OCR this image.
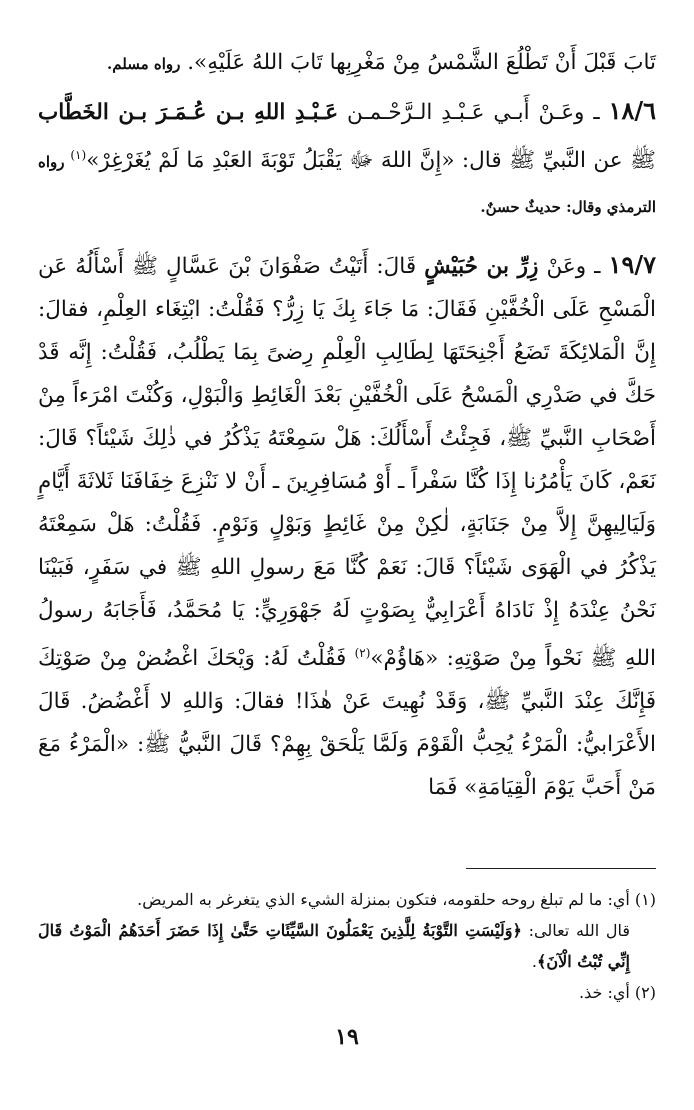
تَابَ قَبْلَ أَنْ تَطْلُعَ الشَّمْسُ مِنْ مَغْرِبِها تَابَ اللهُ عَلَيْهِ». رواه مسلم.

١٨/٦ ـ وعَـنْ أَبـي عَـبْـدِ الـرَّحْـمـن عَـبْـدِ اللهِ بـن عُـمَـرَ بـن الخَطَّاب ﷺ عن النَّبيِّ ﷺ قال: «إِنَّ اللهَ ﷻ يَقْبَلُ تَوْبَةَ العَبْدِ مَا لَمْ يُغَرْغِرْ»$^{(١)}$ رواه الترمذي وقال: حديثٌ حسنٌ.

١٩/٧ ـ وعَنْ زِرِّ بن حُبَيْشٍ قَالَ: أَتَيْتُ صَفْوَانَ بْنَ عَسَّالٍ ﷺ أَسْأَلُهُ عَن الْمَسْحِ عَلَى الْخُفَّيْنِ فَقَالَ: مَا جَاءَ بِكَ يَا زِرُّ؟ فَقُلْتُ: ابْتِغَاء العِلْمِ، فقالَ: إِنَّ الْمَلائِكَةَ تَضَعُ أَجْنِحَتَهَا لِطَالِبِ الْعِلْمِ رِضىً بِمَا يَطْلُبُ، فَقُلْتُ: إِنَّه قَدْ حَكَّ في صَدْرِي الْمَسْحُ عَلَى الْخُفَّيْنِ بَعْدَ الْغَائِطِ وَالْبَوْلِ، وَكُنْتَ امْرَءاً مِنْ أَصْحَابِ النَّبيِّ ﷺ، فَجِئْتُ أَسْأَلُكَ: هَلْ سَمِعْتَهُ يَذْكُرُ في ذٰلِكَ شَيْئاً؟ قَالَ: نَعَمْ، كَانَ يَأْمُرُنا إِذَا كُنَّا سَفْراً ـ أَوْ مُسَافِرِينَ ـ أَنْ لا نَنْزِعَ خِفَافَنَا ثَلاثَةَ أَيَّامٍ وَلَيَالِيهِنَّ إِلاَّ مِنْ جَنَابَةٍ، لٰكِنْ مِنْ غَائِطٍ وَبَوْلٍ وَنَوْمٍ. فَقُلْتُ: هَلْ سَمِعْتَهُ يَذْكُرُ في الْهَوَى شَيْئاً؟ قَالَ: نَعَمْ كُنَّا مَعَ رسولِ اللهِ ﷺ في سَفَرٍ، فَبَيْنَا نَحْنُ عِنْدَهُ إِذْ نَادَاهُ أَعْرَابِيٌّ بِصَوْتٍ لَهُ جَهْوَرِيٍّ: يَا مُحَمَّدُ، فَأَجَابَهُ رسولُ اللهِ ﷺ نَحْواً مِنْ صَوْتِهِ: «هَاؤُمْ»$^{(٢)}$ فَقُلْتُ لَهُ: وَيْحَكَ اغْضُضْ مِنْ صَوْتِكَ فَإِنَّكَ عِنْدَ النَّبيِّ ﷺ، وَقَدْ نُهِيتَ عَنْ هٰذَا! فقالَ: وَاللهِ لا أَغْضُضُ. قَالَ الأَعْرَابيُّ: الْمَرْءُ يُحِبُّ الْقَوْمَ وَلَمَّا يَلْحَقْ بِهِمْ؟ قَالَ النَّبيُّ ﷺ: «الْمَرْءُ مَعَ مَنْ أَحَبَّ يَوْمَ الْقِيَامَةِ» فَمَا

(١) أي: ما لم تبلغ روحه حلقومه، فتكون بمنزلة الشيء الذي يتغرغر به المريض.

قال الله تعالى: ﴿وَلَيْسَتِ التَّوْبَةُ لِلَّذِينَ يَعْمَلُونَ السَّيِّئَاتِ حَتَّىٰ إِذَا حَضَرَ أَحَدَهُمُ الْمَوْتُ قَالَ إِنِّي تُبْتُ الْآنَ﴾.

(٢) أي: خذ.

١٩
